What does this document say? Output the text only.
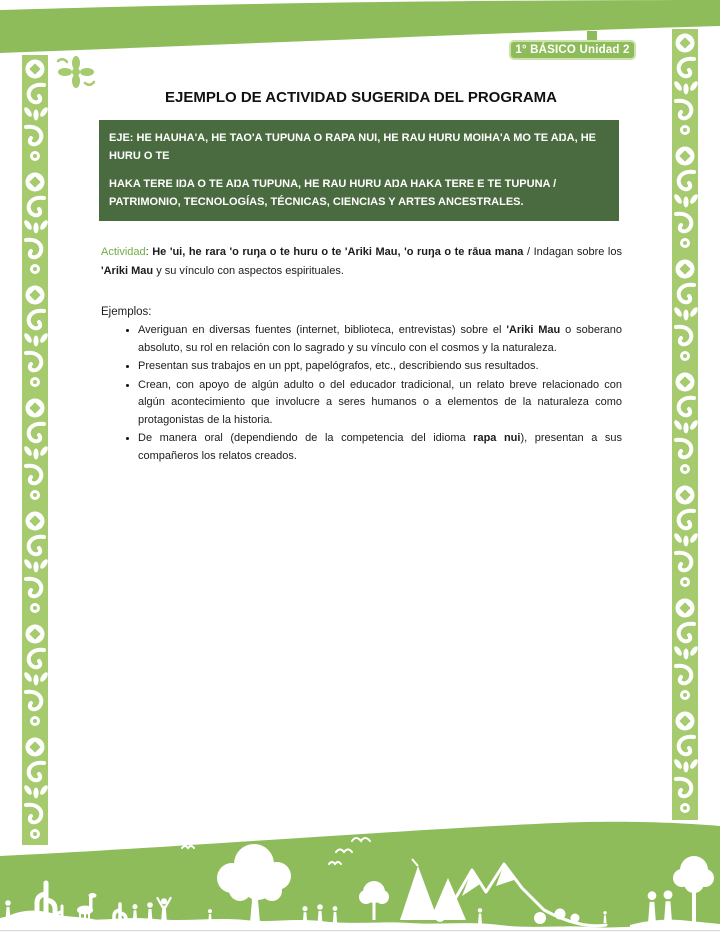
1° BÁSICO Unidad 2
EJEMPLO DE ACTIVIDAD SUGERIDA DEL PROGRAMA

EJE: HE HAUHA'A, HE TAO'A TUPUNA O RAPA NUI, HE RAU HURU MOIHA'A MO TE AŊA, HE HURU O TE

HAKA TERE IŊA O TE AŊA TUPUNA, HE RAU HURU AŊA HAKA TERE E TE TUPUNA / PATRIMONIO, TECNOLOGÍAS, TÉCNICAS, CIENCIAS Y ARTES ANCESTRALES.

Actividad: He 'ui, he rara 'o ruŋa o te huru o te 'Ariki Mau, 'o ruŋa o te rāua mana / Indagan sobre los 'Ariki Mau y su vínculo con aspectos espirituales.
Ejemplos:
• Averiguan en diversas fuentes (internet, biblioteca, entrevistas) sobre el 'Ariki Mau o soberano absoluto, su rol en relación con lo sagrado y su vínculo con el cosmos y la naturaleza.
• Presentan sus trabajos en un ppt, papelógrafos, etc., describiendo sus resultados.
• Crean, con apoyo de algún adulto o del educador tradicional, un relato breve relacionado con algún acontecimiento que involucre a seres humanos o a elementos de la naturaleza como protagonistas de la historia.
• De manera oral (dependiendo de la competencia del idioma rapa nui), presentan a sus compañeros los relatos creados.
